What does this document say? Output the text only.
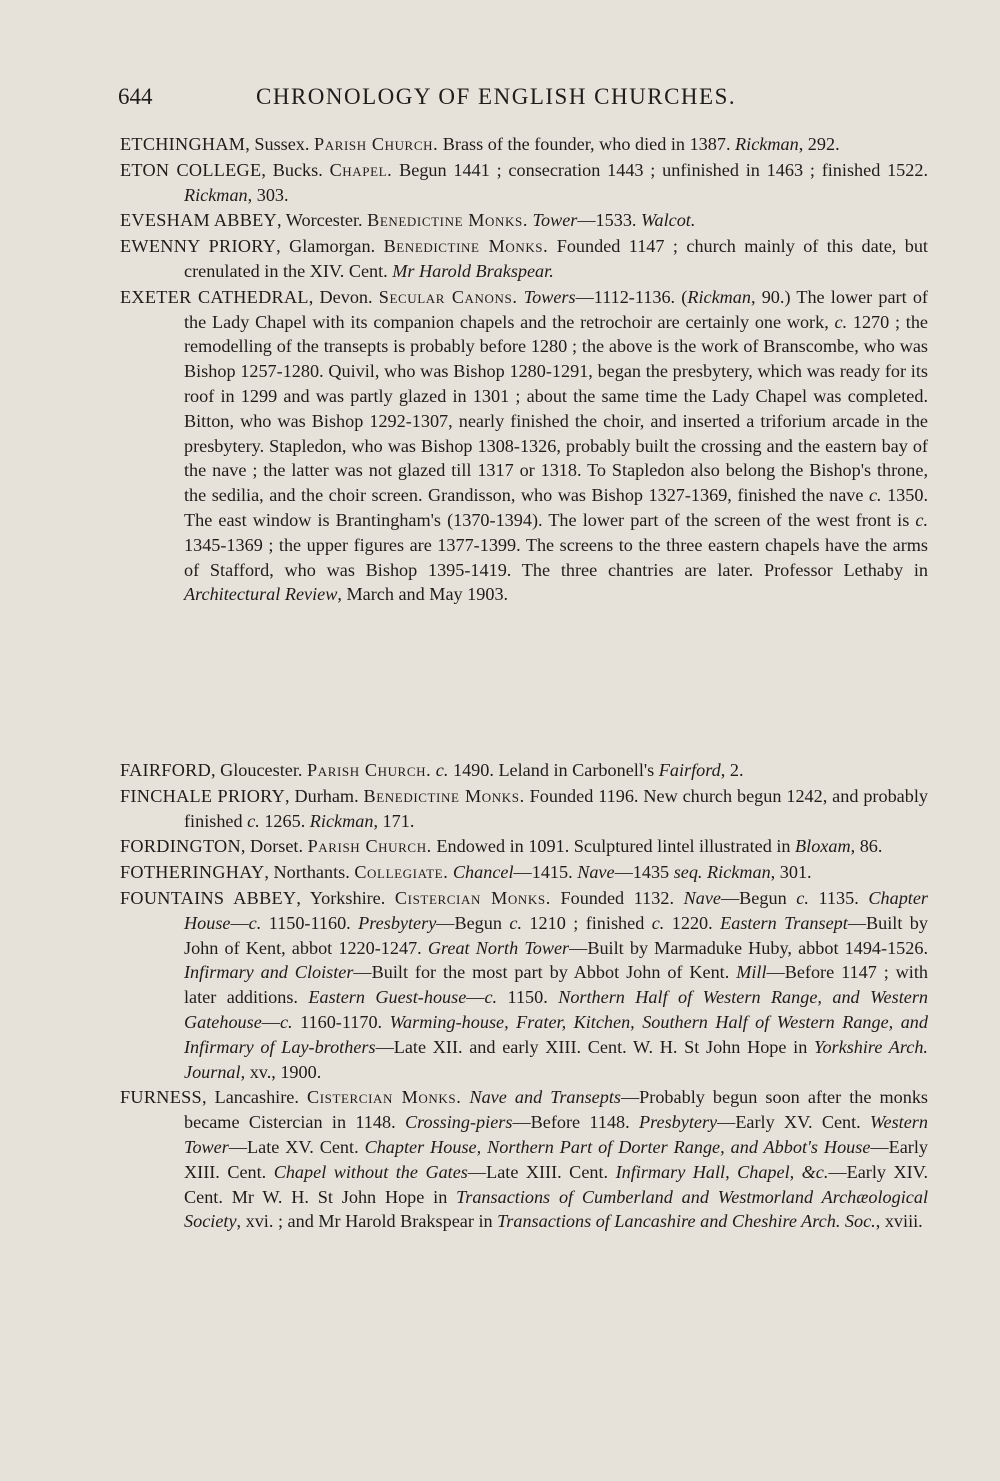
644	CHRONOLOGY OF ENGLISH CHURCHES.

ETCHINGHAM, Sussex. Parish Church. Brass of the founder, who died in 1387. Rickman, 292.

ETON COLLEGE, Bucks. Chapel. Begun 1441 ; consecration 1443 ; unfinished in 1463 ; finished 1522. Rickman, 303.

EVESHAM ABBEY, Worcester. Benedictine Monks. Tower—1533. Walcot.

EWENNY PRIORY, Glamorgan. Benedictine Monks. Founded 1147 ; church mainly of this date, but crenulated in the XIV. Cent. Mr Harold Brakspear.

EXETER CATHEDRAL, Devon. Secular Canons. Towers—1112-1136. (Rickman, 90.) The lower part of the Lady Chapel with its companion chapels and the retrochoir are certainly one work, c. 1270 ; the remodelling of the transepts is probably before 1280 ; the above is the work of Branscombe, who was Bishop 1257-1280. Quivil, who was Bishop 1280-1291, began the presbytery, which was ready for its roof in 1299 and was partly glazed in 1301 ; about the same time the Lady Chapel was completed. Bitton, who was Bishop 1292-1307, nearly finished the choir, and inserted a triforium arcade in the presbytery. Stapledon, who was Bishop 1308-1326, probably built the crossing and the eastern bay of the nave ; the latter was not glazed till 1317 or 1318. To Stapledon also belong the Bishop's throne, the sedilia, and the choir screen. Grandisson, who was Bishop 1327-1369, finished the nave c. 1350. The east window is Brantingham's (1370-1394). The lower part of the screen of the west front is c. 1345-1369 ; the upper figures are 1377-1399. The screens to the three eastern chapels have the arms of Stafford, who was Bishop 1395-1419. The three chantries are later. Professor Lethaby in Architectural Review, March and May 1903.

FAIRFORD, Gloucester. Parish Church. c. 1490. Leland in Carbonell's Fairford, 2.

FINCHALE PRIORY, Durham. Benedictine Monks. Founded 1196. New church begun 1242, and probably finished c. 1265. Rickman, 171.

FORDINGTON, Dorset. Parish Church. Endowed in 1091. Sculptured lintel illustrated in Bloxam, 86.

FOTHERINGHAY, Northants. Collegiate. Chancel—1415. Nave—1435 seq. Rickman, 301.

FOUNTAINS ABBEY, Yorkshire. Cistercian Monks. Founded 1132. Nave—Begun c. 1135. Chapter House—c. 1150-1160. Presbytery—Begun c. 1210 ; finished c. 1220. Eastern Transept—Built by John of Kent, abbot 1220-1247. Great North Tower—Built by Marmaduke Huby, abbot 1494-1526. Infirmary and Cloister—Built for the most part by Abbot John of Kent. Mill—Before 1147 ; with later additions. Eastern Guest-house—c. 1150. Northern Half of Western Range, and Western Gatehouse—c. 1160-1170. Warming-house, Frater, Kitchen, Southern Half of Western Range, and Infirmary of Lay-brothers—Late XII. and early XIII. Cent. W. H. St John Hope in Yorkshire Arch. Journal, xv., 1900.

FURNESS, Lancashire. Cistercian Monks. Nave and Transepts—Probably begun soon after the monks became Cistercian in 1148. Crossing-piers—Before 1148. Presbytery—Early XV. Cent. Western Tower—Late XV. Cent. Chapter House, Northern Part of Dorter Range, and Abbot's House—Early XIII. Cent. Chapel without the Gates—Late XIII. Cent. Infirmary Hall, Chapel, &c.—Early XIV. Cent. Mr W. H. St John Hope in Transactions of Cumberland and Westmorland Archæological Society, xvi. ; and Mr Harold Brakspear in Transactions of Lancashire and Cheshire Arch. Soc., xviii.
